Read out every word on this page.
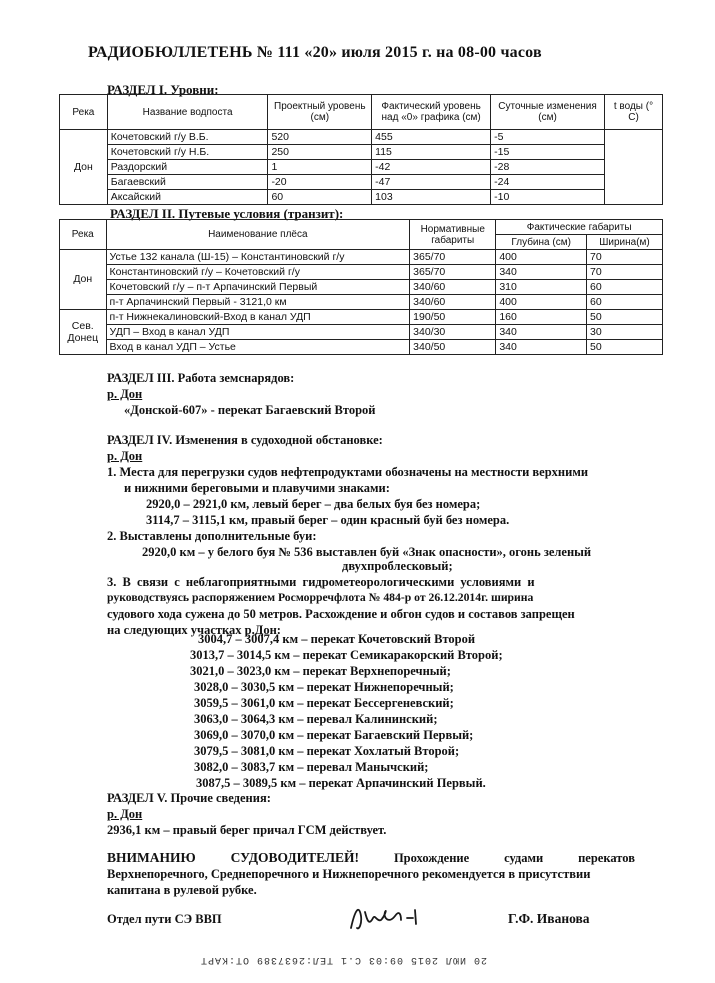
РАДИОБЮЛЛЕТЕНЬ № 111 «20» июля 2015 г. на 08-00 часов
РАЗДЕЛ I. Уровни:
Река	Название водпоста	Проектный уровень (см)	Фактический уровень над «0» графика (см)	Суточные изменения (см)	t воды (° С)
Дон	Кочетовский г/у В.Б.	520	455	-5	
	Кочетовский г/у Н.Б.	250	115	-15	
	Раздорский	1	-42	-28	
	Багаевский	-20	-47	-24	
	Аксайский	60	103	-10	
РАЗДЕЛ II. Путевые условия (транзит):
Река	Наименование плёса	Нормативные габариты	Фактические габариты	
			Глубина (см)	Ширина(м)
Дон	Устье 132 канала (Ш-15) – Константиновский г/у	365/70	400	70
	Константиновский г/у – Кочетовский г/у	365/70	340	70
	Кочетовский г/у – п-т Арпачинский Первый	340/60	310	60
	п-т Арпачинский Первый - 3121,0 км	340/60	400	60
Сев. Донец	п-т Нижнекалиновский-Вход в канал УДП	190/50	160	50
	УДП – Вход в канал УДП	340/30	340	30
	Вход в канал УДП – Устье	340/50	340	50
РАЗДЕЛ III. Работа земснарядов:
р. Дон
«Донской-607» - перекат Багаевский Второй
РАЗДЕЛ IV. Изменения в судоходной обстановке:
р. Дон
1. Места для перегрузки судов нефтепродуктами обозначены на местности верхними
и нижними береговыми и плавучими знаками:
2920,0 – 2921,0 км, левый берег – два белых буя без номера;
3114,7 – 3115,1 км, правый берег – один красный буй без номера.
2. Выставлены дополнительные буи:
2920,0 км – у белого буя № 536 выставлен буй «Знак опасности», огонь зеленый
двухпроблесковый;
3. В связи с неблагоприятными гидрометеорологическими условиями и
руководствуясь распоряжением Росморречфлота № 484-р от 26.12.2014г. ширина
судового хода сужена до 50 метров. Расхождение и обгон судов и составов запрещен
на следующих участках р.Дон:
3004,7 – 3007,4 км – перекат Кочетовский Второй
3013,7 – 3014,5 км – перекат Семикаракорский Второй;
3021,0 – 3023,0 км – перекат Верхнепоречный;
3028,0 – 3030,5 км – перекат Нижнепоречный;
3059,5 – 3061,0 км – перекат Бессергеневский;
3063,0 – 3064,3 км – перевал Калининский;
3069,0 – 3070,0 км – перекат Багаевский Первый;
3079,5 – 3081,0 км – перекат Хохлатый Второй;
3082,0 – 3083,7 км – перевал Манычский;
3087,5 – 3089,5 км – перекат Арпачинский Первый.
РАЗДЕЛ V. Прочие сведения:
р. Дон
2936,1 км – правый берег причал ГСМ действует.
ВНИМАНИЮ	СУДОВОДИТЕЛЕЙ!	Прохождение	судами	перекатов
Верхнепоречного, Среднепоречного и Нижнепоречного рекомендуется в присутствии
капитана в рулевой рубке.
Отдел пути СЭ ВВП	Г.Ф. Иванова
20 ИЮЛ 2015 09:03 С.1 ТЕЛ:2637389 ОТ:КАРТ
